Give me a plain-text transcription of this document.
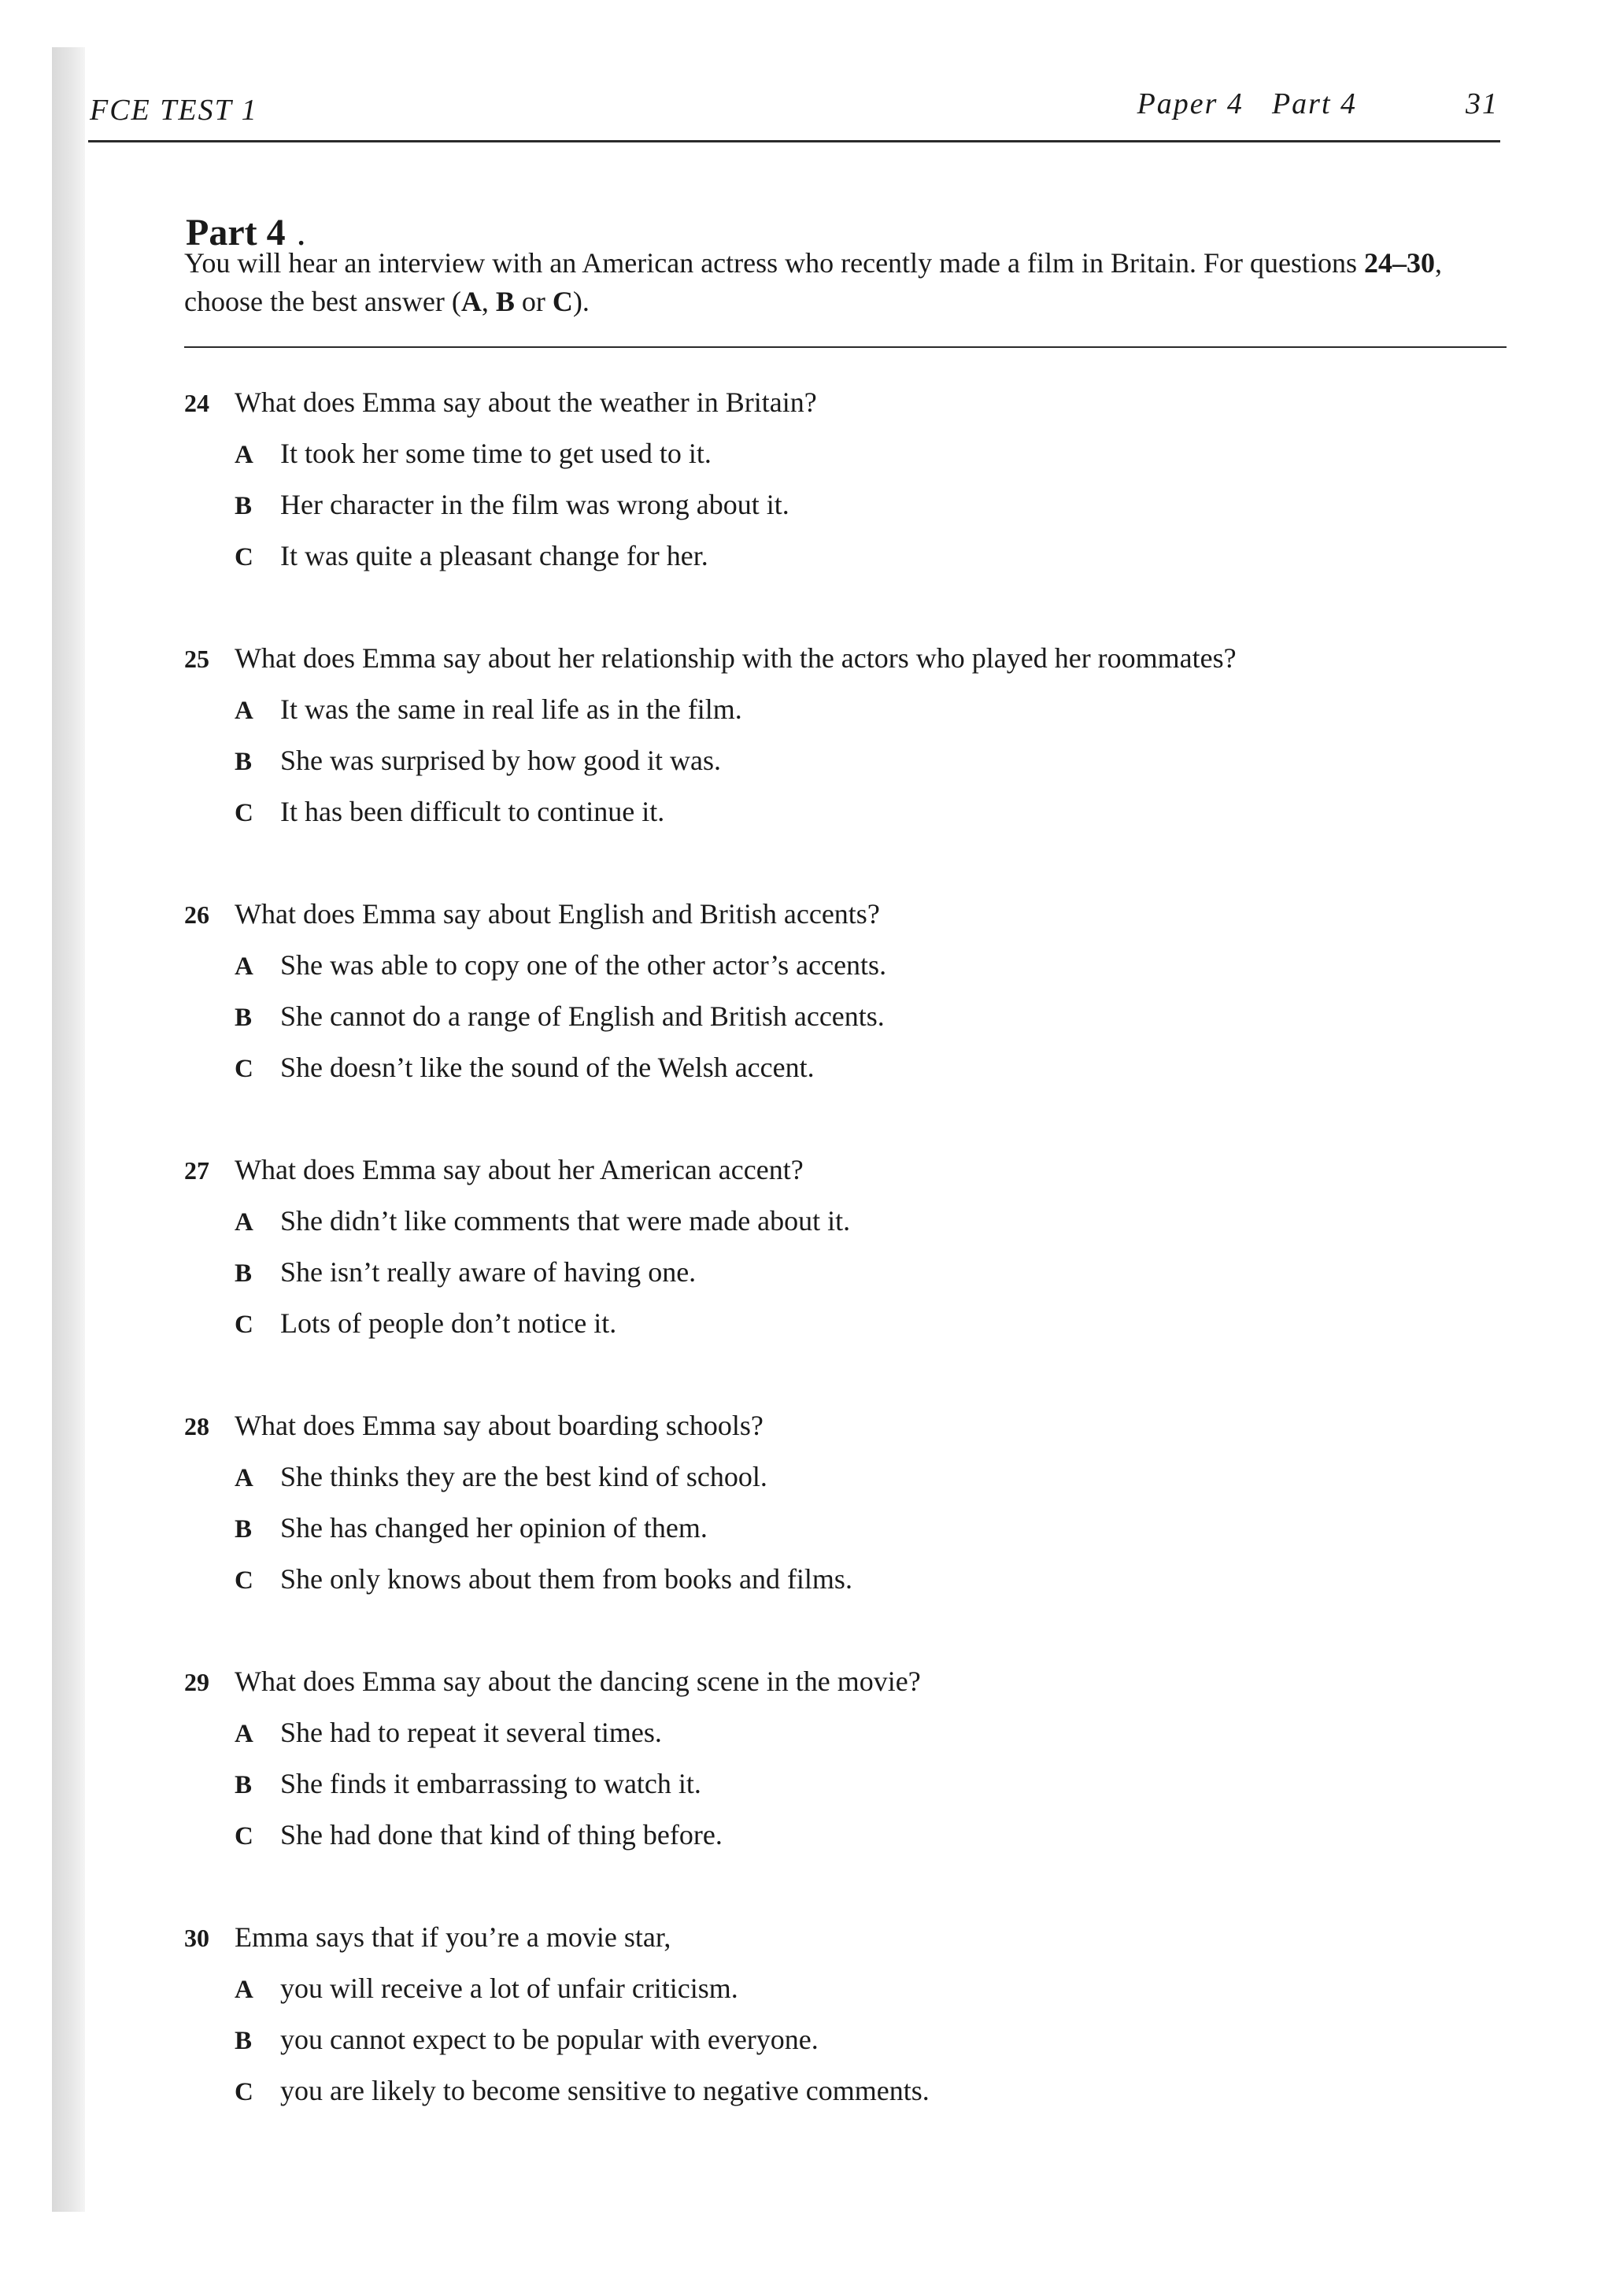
FCE TEST 1	Paper 4 Part 4	31
Part 4 .

You will hear an interview with an American actress who recently made a film in Britain. For questions 24–30, choose the best answer (A, B or C).

24 What does Emma say about the weather in Britain?
A It took her some time to get used to it.
B Her character in the film was wrong about it.
C It was quite a pleasant change for her.
25 What does Emma say about her relationship with the actors who played her roommates?
A It was the same in real life as in the film.
B She was surprised by how good it was.
C It has been difficult to continue it.
26 What does Emma say about English and British accents?
A She was able to copy one of the other actor’s accents.
B She cannot do a range of English and British accents.
C She doesn’t like the sound of the Welsh accent.
27 What does Emma say about her American accent?
A She didn’t like comments that were made about it.
B She isn’t really aware of having one.
C Lots of people don’t notice it.
28 What does Emma say about boarding schools?
A She thinks they are the best kind of school.
B She has changed her opinion of them.
C She only knows about them from books and films.
29 What does Emma say about the dancing scene in the movie?
A She had to repeat it several times.
B She finds it embarrassing to watch it.
C She had done that kind of thing before.
30 Emma says that if you’re a movie star,
A you will receive a lot of unfair criticism.
B you cannot expect to be popular with everyone.
C you are likely to become sensitive to negative comments.
